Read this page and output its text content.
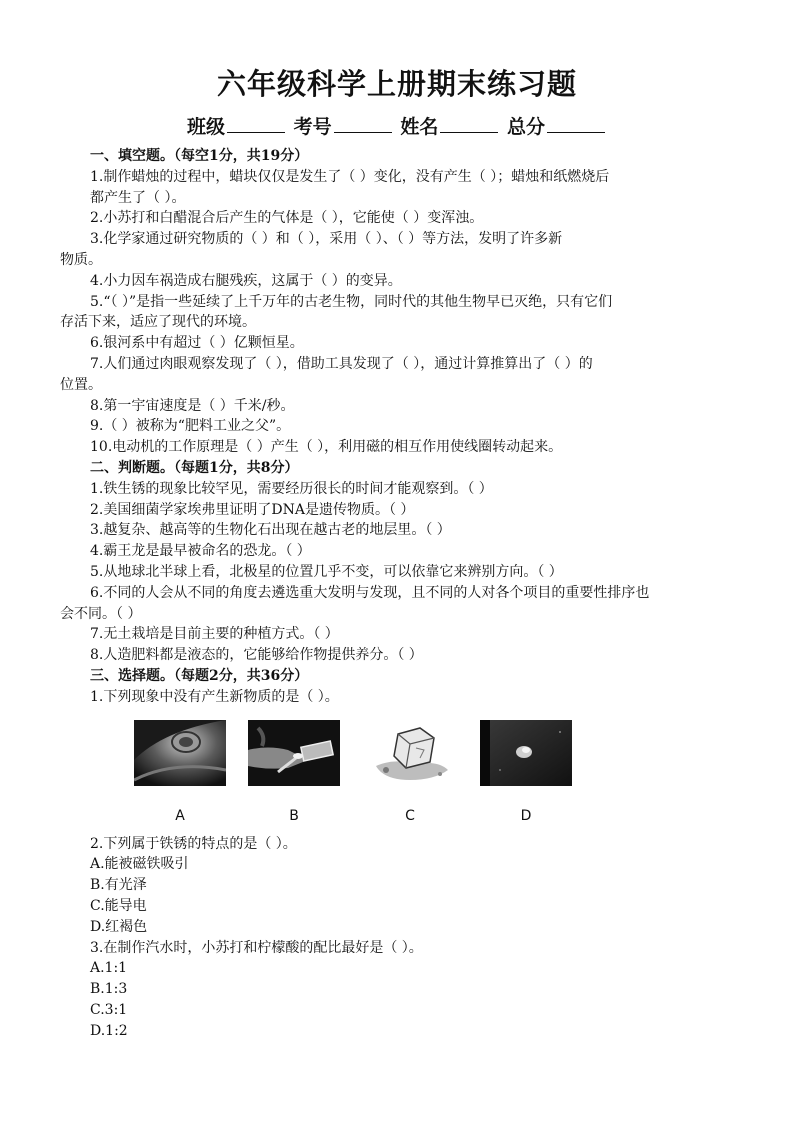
六年级科学上册期末练习题
班级	考号	姓名	总分
一、填空题。（每空1分，共19分）
1.制作蜡烛的过程中，蜡块仅仅是发生了（ ）变化，没有产生（ ）；蜡烛和纸燃烧后
都产生了（ ）。
2.小苏打和白醋混合后产生的气体是（ ），它能使（ ）变浑浊。
3.化学家通过研究物质的（ ）和（ ），采用（ ）、（ ）等方法，发明了许多新
物质。
4.小力因车祸造成右腿残疾，这属于（ ）的变异。
5.“（ ）”是指一些延续了上千万年的古老生物，同时代的其他生物早已灭绝，只有它们
存活下来，适应了现代的环境。
6.银河系中有超过（ ）亿颗恒星。
7.人们通过肉眼观察发现了（ ），借助工具发现了（ ），通过计算推算出了（ ）的
位置。
8.第一宇宙速度是（ ）千米/秒。
9.（ ）被称为“肥料工业之父”。
10.电动机的工作原理是（ ）产生（ ），利用磁的相互作用使线圈转动起来。
二、判断题。（每题1分，共8分）
1.铁生锈的现象比较罕见，需要经历很长的时间才能观察到。（ ）
2.美国细菌学家埃弗里证明了DNA是遗传物质。（ ）
3.越复杂、越高等的生物化石出现在越古老的地层里。（ ）
4.霸王龙是最早被命名的恐龙。（ ）
5.从地球北半球上看，北极星的位置几乎不变，可以依靠它来辨别方向。（ ）
6.不同的人会从不同的角度去遴选重大发明与发现，且不同的人对各个项目的重要性排序也
会不同。（ ）
7.无土栽培是目前主要的种植方式。（ ）
8.人造肥料都是液态的，它能够给作物提供养分。（ ）
三、选择题。（每题2分，共36分）
1.下列现象中没有产生新物质的是（ ）。
A	B	C	D
2.下列属于铁锈的特点的是（ ）。
A.能被磁铁吸引
B.有光泽
C.能导电
D.红褐色
3.在制作汽水时，小苏打和柠檬酸的配比最好是（ ）。
A.1:1
B.1:3
C.3:1
D.1:2
